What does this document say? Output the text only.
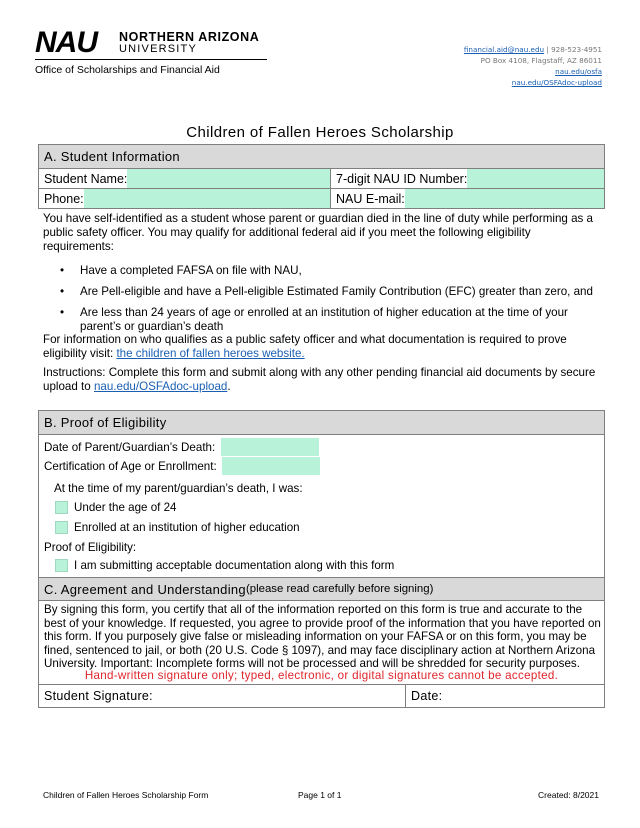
NAU NORTHERN ARIZONA
UNIVERSITY
Office of Scholarships and Financial Aid
financial.aid@nau.edu | 928-523-4951
PO Box 4108, Flagstaff, AZ 86011
nau.edu/osfa
nau.edu/OSFAdoc-upload
Children of Fallen Heroes Scholarship
A. Student Information
Student Name:	7-digit NAU ID Number:
Phone:	NAU E-mail:
You have self-identified as a student whose parent or guardian died in the line of duty while performing as a public safety officer. You may qualify for additional federal aid if you meet the following eligibility requirements:
• Have a completed FAFSA on file with NAU,
• Are Pell-eligible and have a Pell-eligible Estimated Family Contribution (EFC) greater than zero, and
• Are less than 24 years of age or enrolled at an institution of higher education at the time of your parent’s or guardian’s death
For information on who qualifies as a public safety officer and what documentation is required to prove eligibility visit: the children of fallen heroes website.
Instructions: Complete this form and submit along with any other pending financial aid documents by secure upload to nau.edu/OSFAdoc-upload.
B. Proof of Eligibility
Date of Parent/Guardian’s Death:
Certification of Age or Enrollment:
At the time of my parent/guardian’s death, I was:
Under the age of 24
Enrolled at an institution of higher education
Proof of Eligibility:
I am submitting acceptable documentation along with this form
C. Agreement and Understanding (please read carefully before signing)
By signing this form, you certify that all of the information reported on this form is true and accurate to the best of your knowledge. If requested, you agree to provide proof of the information that you have reported on this form. If you purposely give false or misleading information on your FAFSA or on this form, you may be fined, sentenced to jail, or both (20 U.S. Code § 1097), and may face disciplinary action at Northern Arizona University. Important: Incomplete forms will not be processed and will be shredded for security purposes.
Hand-written signature only; typed, electronic, or digital signatures cannot be accepted.
Student Signature:	Date:
Children of Fallen Heroes Scholarship Form	Page 1 of 1	Created: 8/2021
